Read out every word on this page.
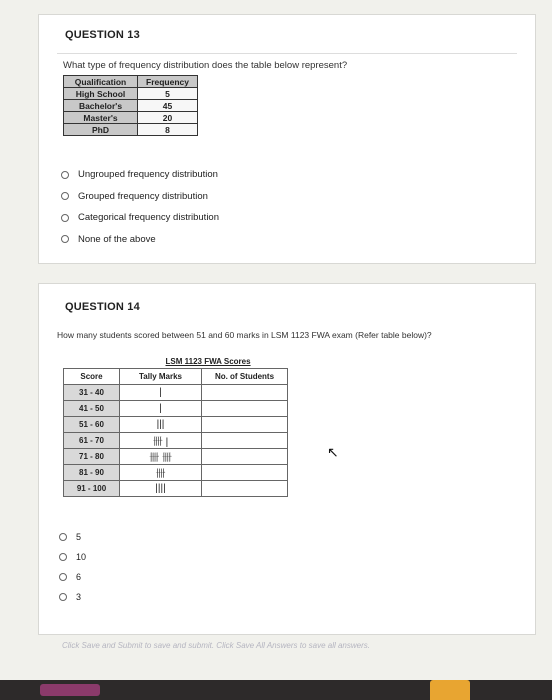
QUESTION 13
What type of frequency distribution does the table below represent?
Qualification	Frequency
High School	5
Bachelor's	45
Master's	20
PhD	8
Ungrouped frequency distribution
Grouped frequency distribution
Categorical frequency distribution
None of the above
QUESTION 14
How many students scored between 51 and 60 marks in LSM 1123 FWA exam (Refer table below)?
	LSM 1123 FWA Scores	
Score	Tally Marks	No. of Students
31 - 40	|	
41 - 50	|	
51 - 60	|||	
61 - 70	卌 |	
71 - 80	卌 卌	
81 - 90	卌	
91 - 100	||||	
↖
5
10
6
3
Click Save and Submit to save and submit. Click Save All Answers to save all answers.
